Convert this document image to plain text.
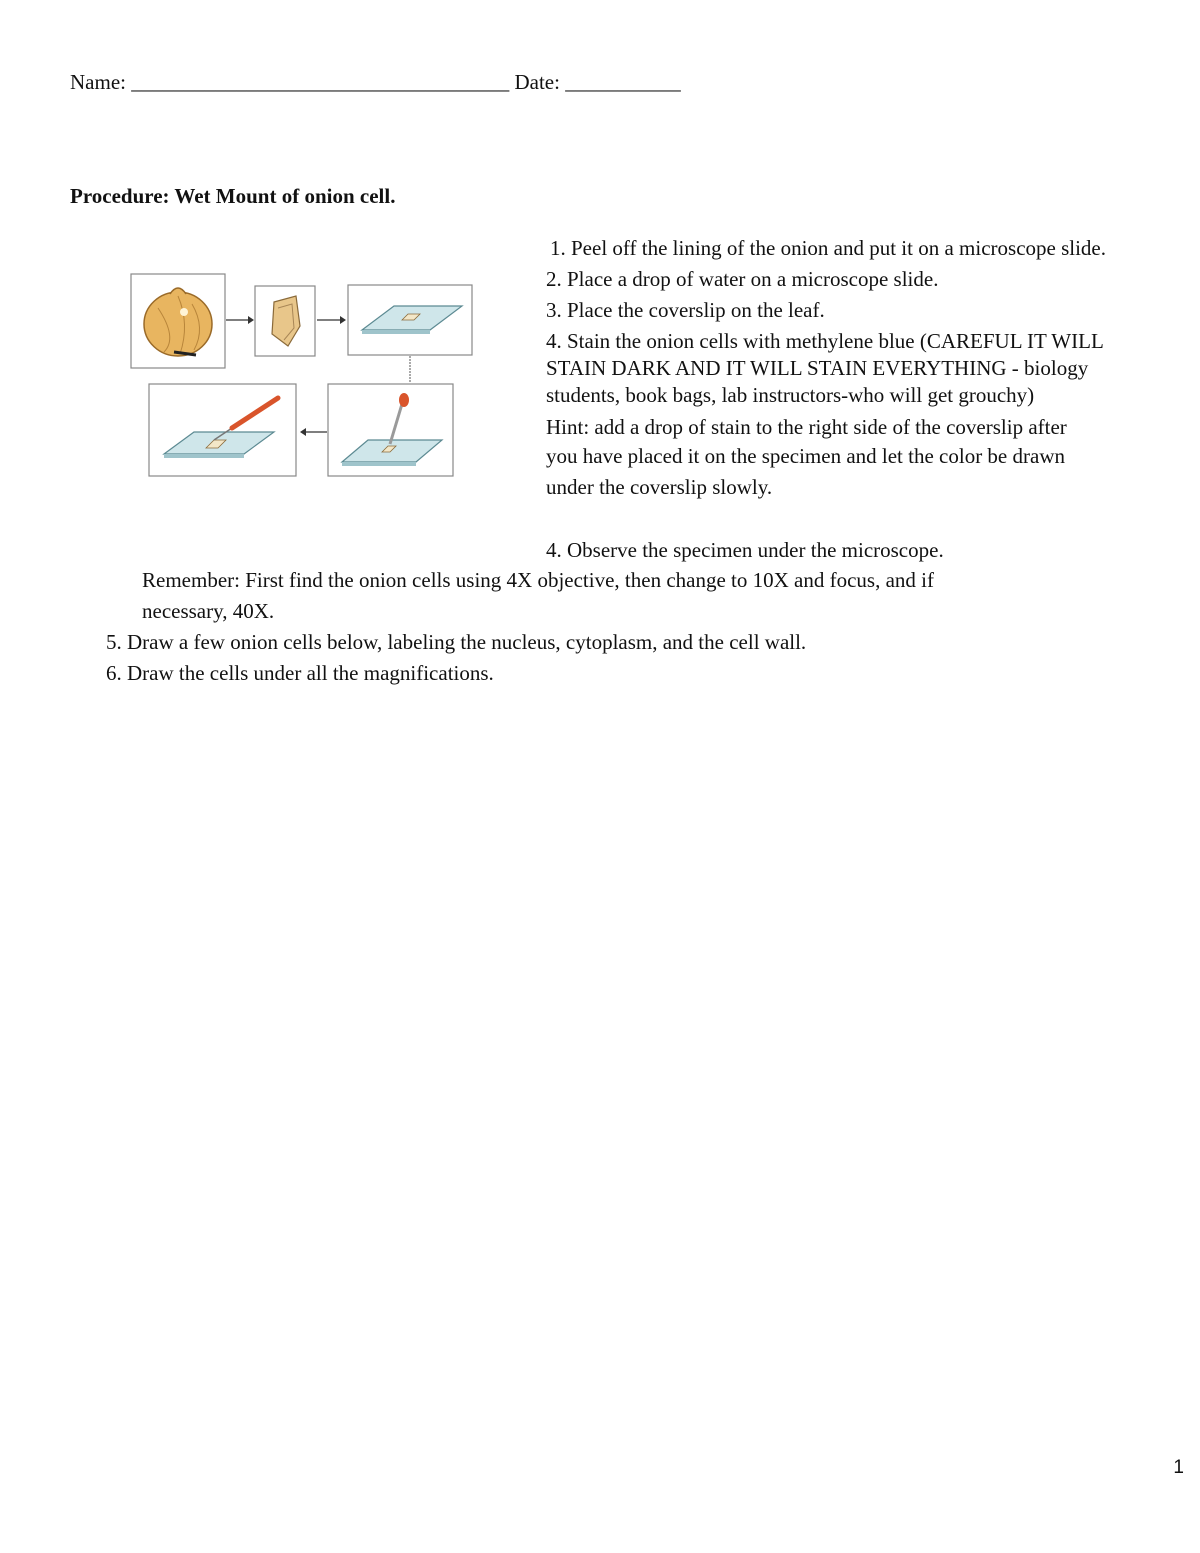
Name: ____________________________________ Date: ___________
Procedure: Wet Mount of onion cell.
1. Peel off the lining of the onion and put it on a microscope slide.
2. Place a drop of water on a microscope slide.
3. Place the coverslip on the leaf.
4. Stain the onion cells with methylene blue (CAREFUL IT WILL
STAIN DARK AND IT WILL STAIN EVERYTHING - biology
students, book bags, lab instructors-who will get grouchy)
Hint: add a drop of stain to the right side of the coverslip after
you have placed it on the specimen and let the color be drawn
under the coverslip slowly.
4. Observe the specimen under the microscope.
Remember: First find the onion cells using 4X objective, then change to 10X and focus, and if
necessary, 40X.
5. Draw a few onion cells below, labeling the nucleus, cytoplasm, and the cell wall.
6. Draw the cells under all the magnifications.
1
